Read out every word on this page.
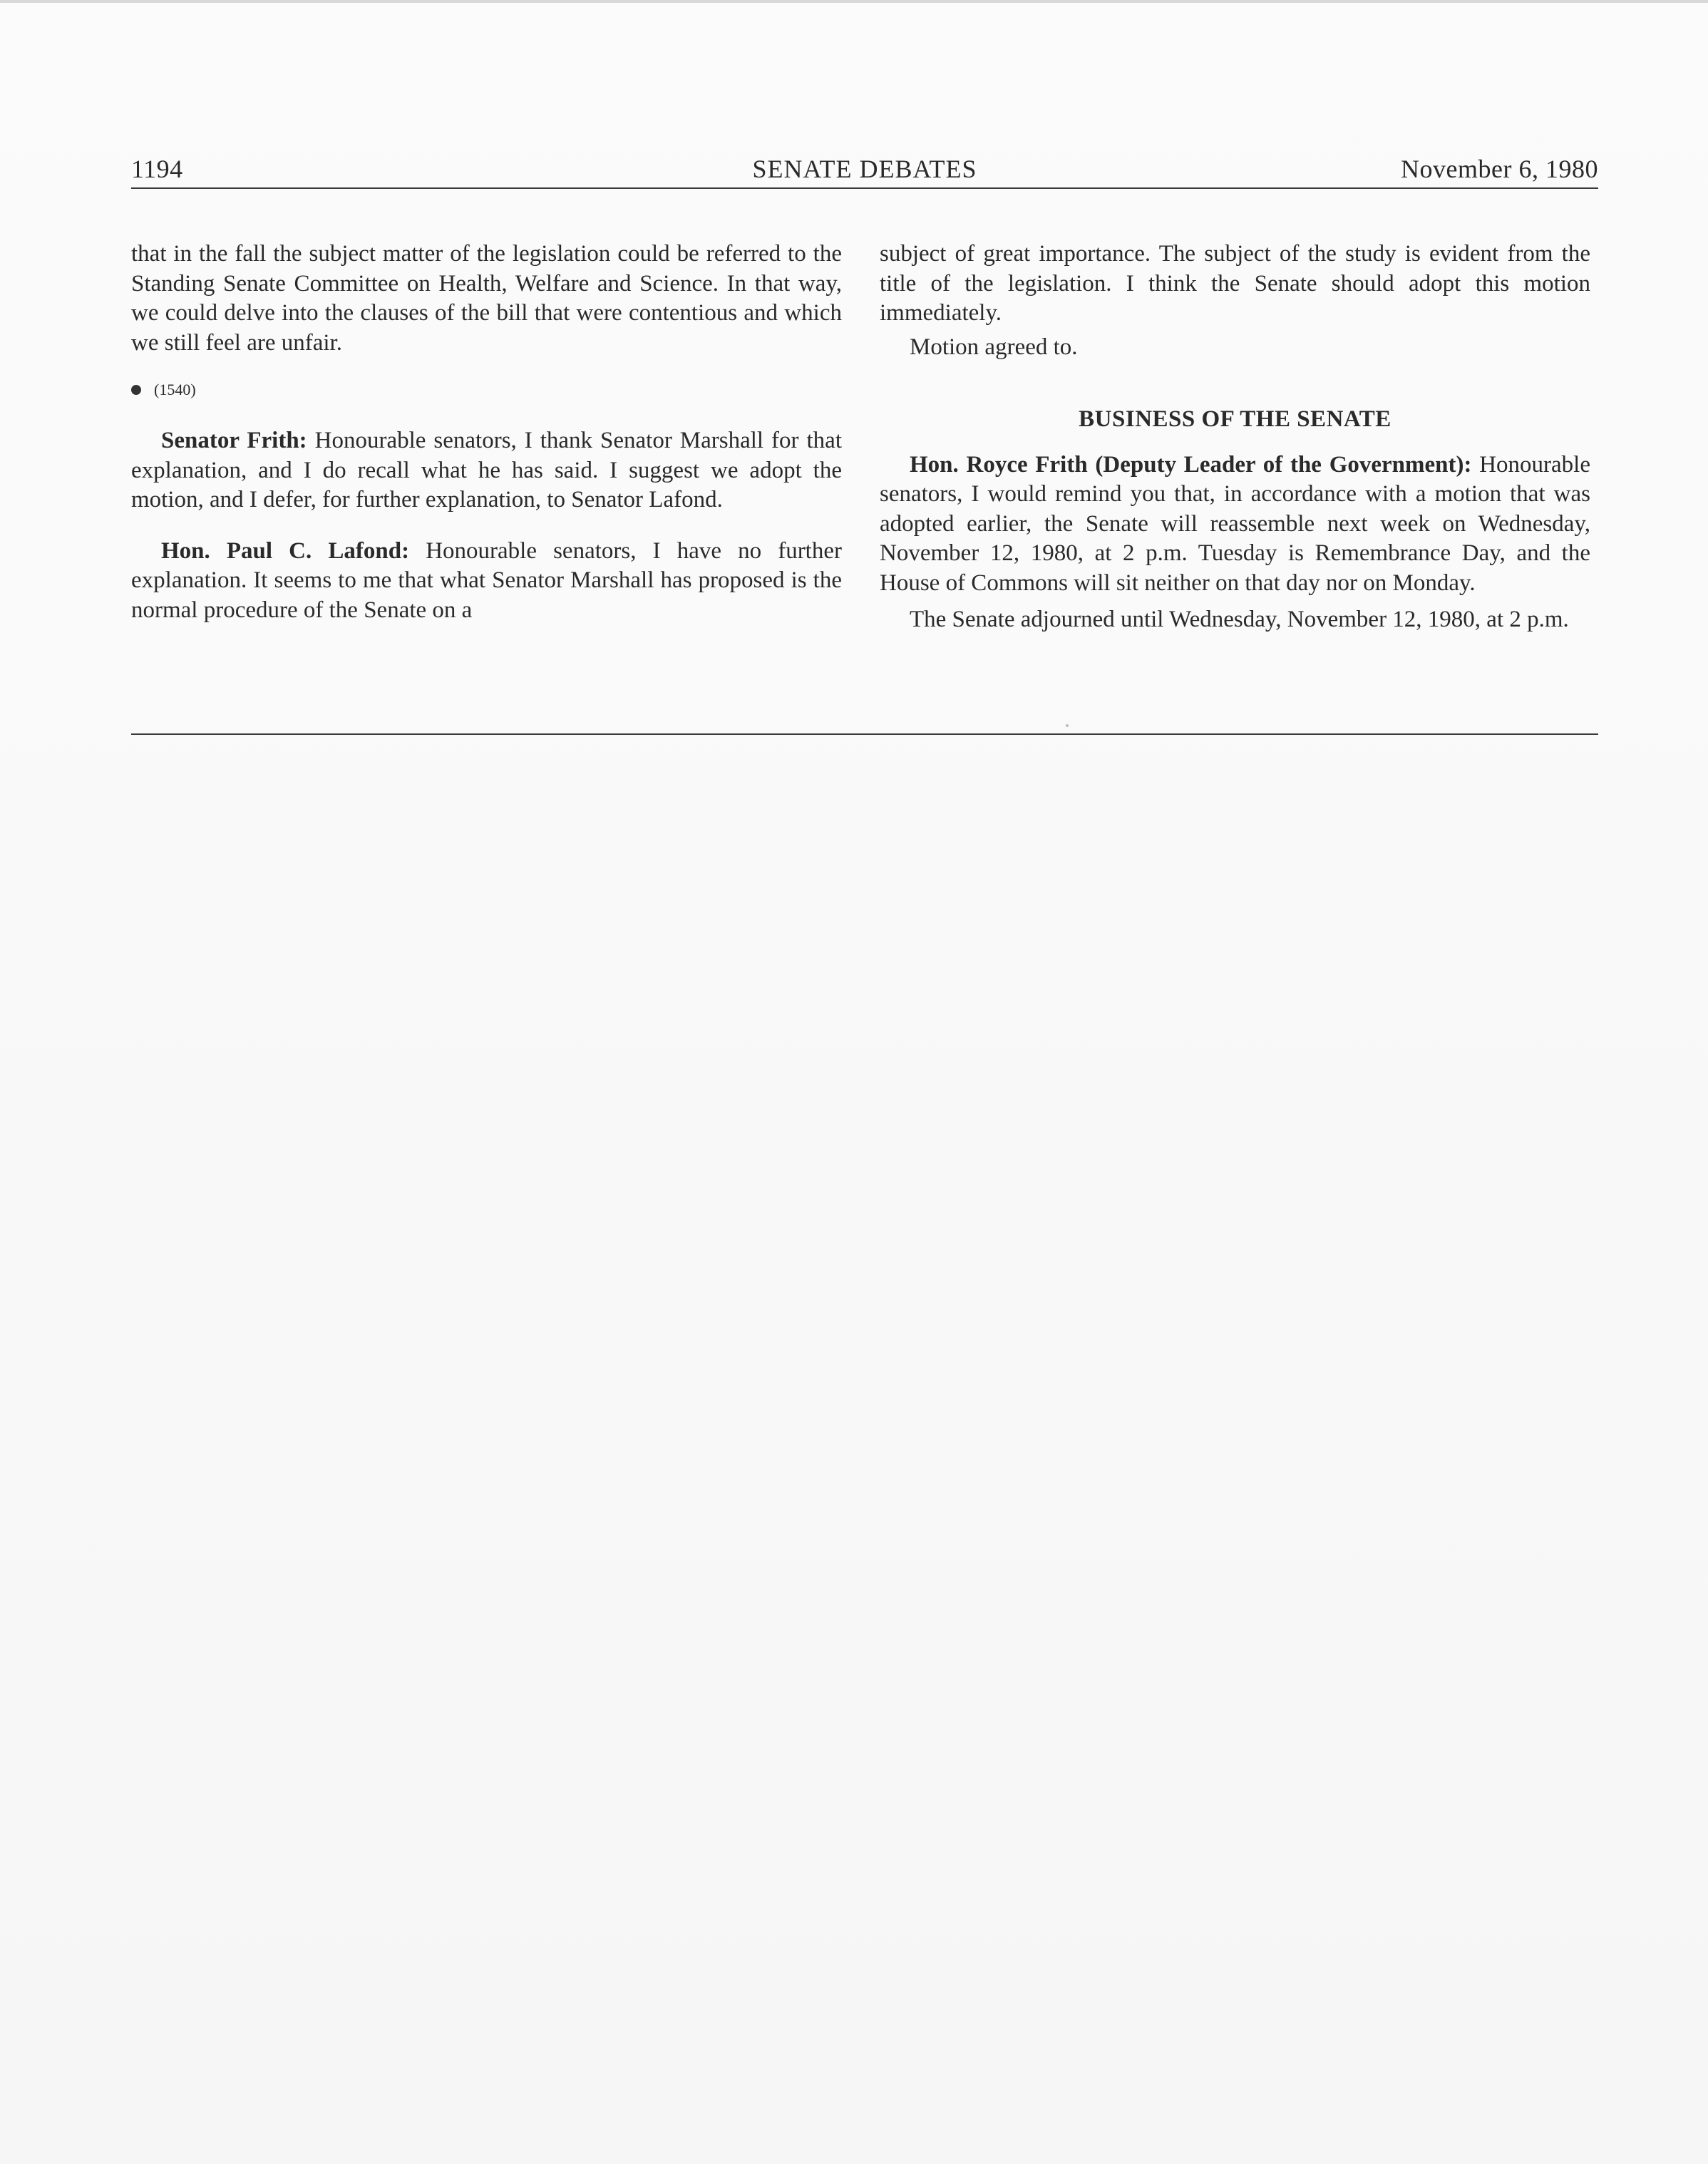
1194	SENATE DEBATES	November 6, 1980

that in the fall the subject matter of the legislation could be referred to the Standing Senate Committee on Health, Welfare and Science. In that way, we could delve into the clauses of the bill that were contentious and which we still feel are unfair.

(1540)

Senator Frith: Honourable senators, I thank Senator Marshall for that explanation, and I do recall what he has said. I suggest we adopt the motion, and I defer, for further explanation, to Senator Lafond.

Hon. Paul C. Lafond: Honourable senators, I have no further explanation. It seems to me that what Senator Marshall has proposed is the normal procedure of the Senate on a

subject of great importance. The subject of the study is evident from the title of the legislation. I think the Senate should adopt this motion immediately.

Motion agreed to.

BUSINESS OF THE SENATE

Hon. Royce Frith (Deputy Leader of the Government): Honourable senators, I would remind you that, in accordance with a motion that was adopted earlier, the Senate will reassemble next week on Wednesday, November 12, 1980, at 2 p.m. Tuesday is Remembrance Day, and the House of Commons will sit neither on that day nor on Monday.

The Senate adjourned until Wednesday, November 12, 1980, at 2 p.m.
